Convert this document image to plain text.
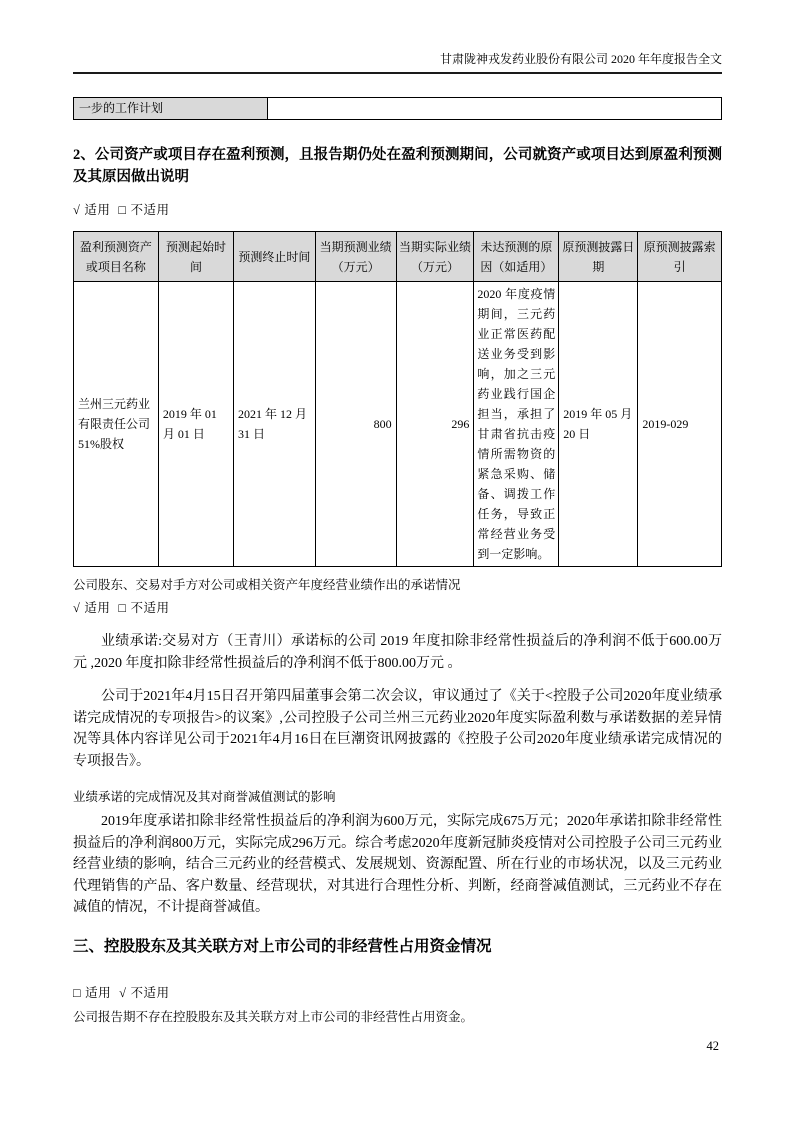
甘肃陇神戎发药业股份有限公司 2020 年年度报告全文
一步的工作计划	
2、公司资产或项目存在盈利预测，且报告期仍处在盈利预测期间，公司就资产或项目达到原盈利预测及其原因做出说明
√ 适用 □ 不适用
盈利预测资产或项目名称	预测起始时间	预测终止时间	当期预测业绩（万元）	当期实际业绩（万元）	未达预测的原因（如适用）	原预测披露日期	原预测披露索引
兰州三元药业有限责任公司51%股权	2019 年 01 月 01 日	2021 年 12 月 31 日	800	296	2020 年度疫情期间，三元药业正常医药配送业务受到影响，加之三元药业践行国企担当，承担了甘肃省抗击疫情所需物资的紧急采购、储备、调拨工作任务，导致正常经营业务受到一定影响。	2019 年 05 月 20 日	2019-029
公司股东、交易对手方对公司或相关资产年度经营业绩作出的承诺情况
√ 适用 □ 不适用

业绩承诺:交易对方（王青川）承诺标的公司 2019 年度扣除非经常性损益后的净利润不低于600.00万元 ,2020 年度扣除非经常性损益后的净利润不低于800.00万元 。

公司于2021年4月15日召开第四届董事会第二次会议，审议通过了《关于<控股子公司2020年度业绩承诺完成情况的专项报告>的议案》,公司控股子公司兰州三元药业2020年度实际盈利数与承诺数据的差异情况等具体内容详见公司于2021年4月16日在巨潮资讯网披露的《控股子公司2020年度业绩承诺完成情况的专项报告》。

业绩承诺的完成情况及其对商誉减值测试的影响

2019年度承诺扣除非经常性损益后的净利润为600万元，实际完成675万元；2020年承诺扣除非经常性损益后的净利润800万元，实际完成296万元。综合考虑2020年度新冠肺炎疫情对公司控股子公司三元药业经营业绩的影响，结合三元药业的经营模式、发展规划、资源配置、所在行业的市场状况，以及三元药业代理销售的产品、客户数量、经营现状，对其进行合理性分析、判断，经商誉减值测试，三元药业不存在减值的情况，不计提商誉减值。

三、控股股东及其关联方对上市公司的非经营性占用资金情况
□ 适用 √ 不适用
公司报告期不存在控股股东及其关联方对上市公司的非经营性占用资金。
42
